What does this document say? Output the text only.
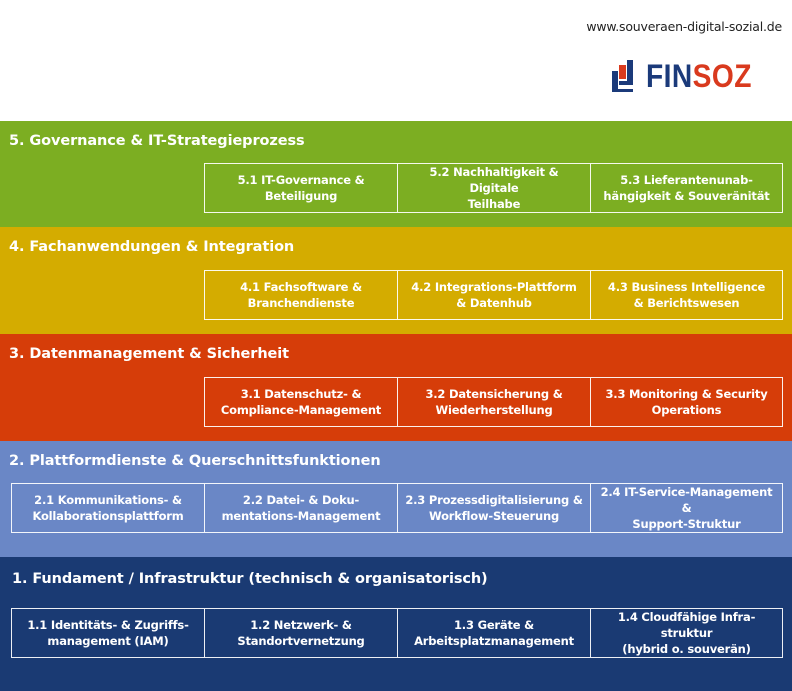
www.souveraen-digital-sozial.de
FINSOZ
5. Governance & IT-Strategieprozess
5.1 IT-Governance &
Beteiligung
5.2 Nachhaltigkeit & Digitale
Teilhabe
5.3 Lieferantenunab-
hängigkeit & Souveränität
4. Fachanwendungen & Integration
4.1 Fachsoftware &
Branchendienste
4.2 Integrations-Plattform
& Datenhub
4.3 Business Intelligence
& Berichtswesen
3. Datenmanagement & Sicherheit
3.1 Datenschutz- &
Compliance-Management
3.2 Datensicherung &
Wiederherstellung
3.3 Monitoring & Security
Operations
2. Plattformdienste & Querschnittsfunktionen
2.1 Kommunikations- &
Kollaborationsplattform
2.2 Datei- & Doku-
mentations-Management
2.3 Prozessdigitalisierung &
Workflow-Steuerung
2.4 IT-Service-Management &
Support-Struktur
1. Fundament / Infrastruktur (technisch & organisatorisch)
1.1 Identitäts- & Zugriffs-
management (IAM)
1.2 Netzwerk- &
Standortvernetzung
1.3 Geräte &
Arbeitsplatzmanagement
1.4 Cloudfähige Infra-struktur
(hybrid o. souverän)
